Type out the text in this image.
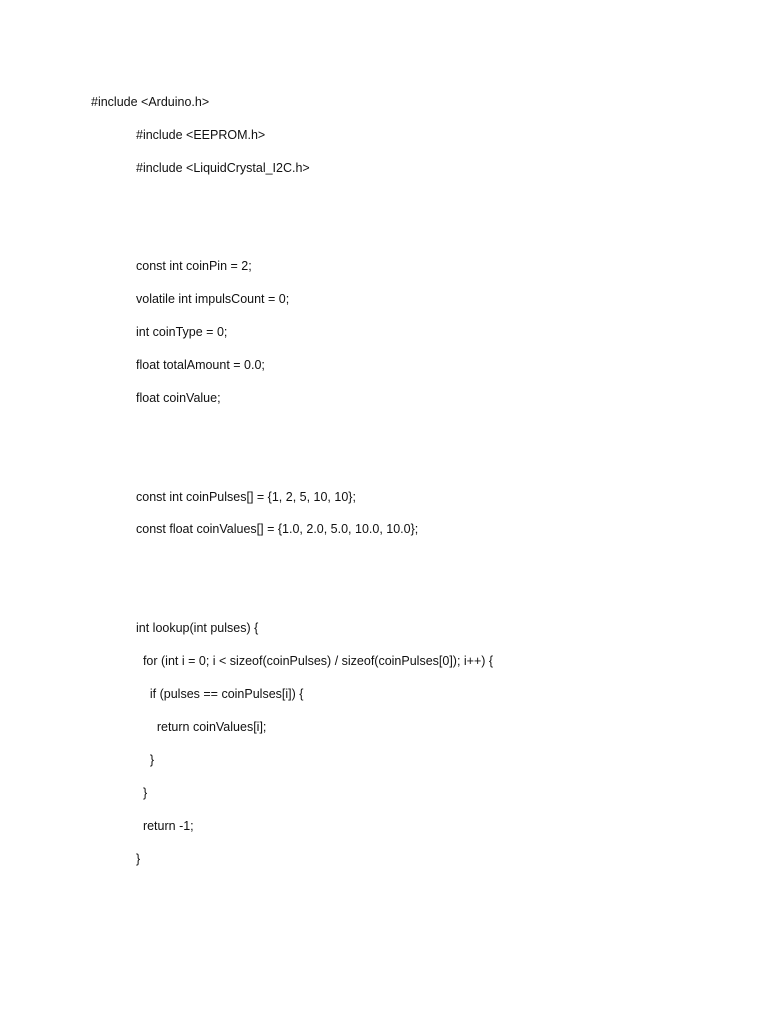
#include <Arduino.h>
#include <EEPROM.h>
#include <LiquidCrystal_I2C.h>
const int coinPin = 2;
volatile int impulsCount = 0;
int coinType = 0;
float totalAmount = 0.0;
float coinValue;
const int coinPulses[] = {1, 2, 5, 10, 10};
const float coinValues[] = {1.0, 2.0, 5.0, 10.0, 10.0};
int lookup(int pulses) {
for (int i = 0; i < sizeof(coinPulses) / sizeof(coinPulses[0]); i++) {
if (pulses == coinPulses[i]) {
return coinValues[i];
}
}
return -1;
}
